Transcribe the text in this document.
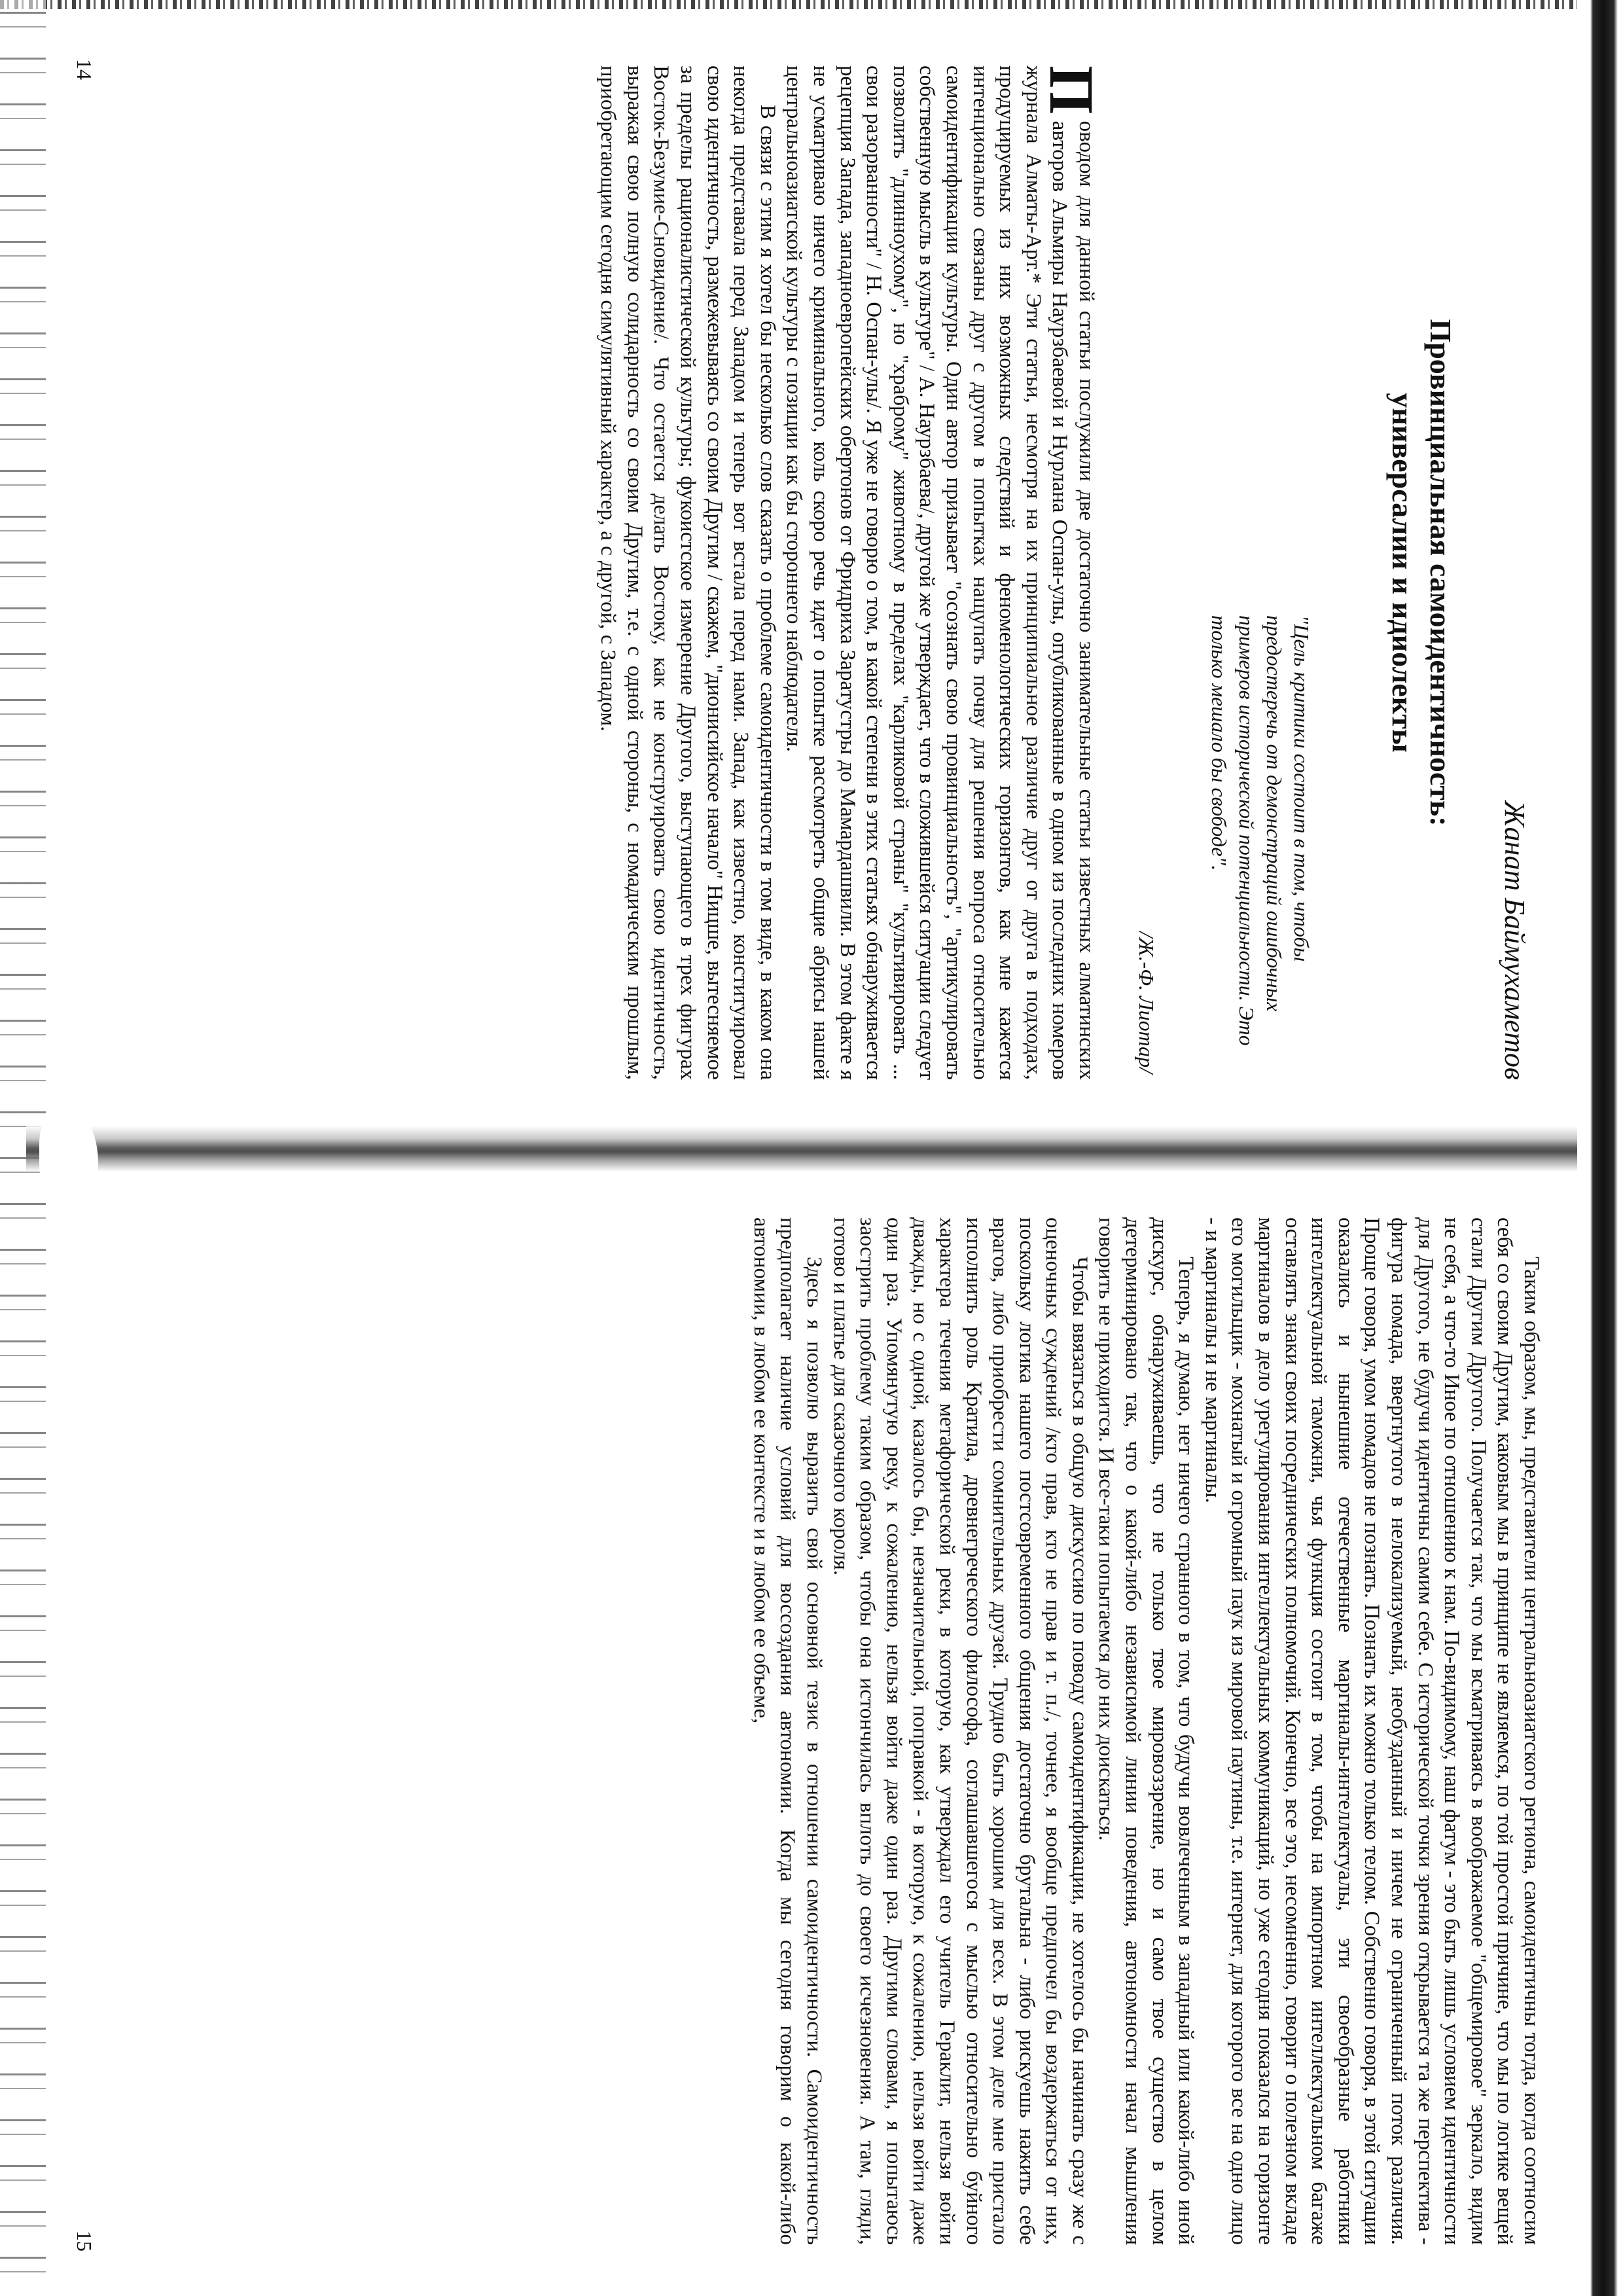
Жанат Баймухаметов
Провинциальная самоидентичность:
универсалии и идиолекты
"Цель критики состоит в том, чтобы предостеречь от демонстраций ошибочных примеров исторической потенциальности. Это только мешало бы свободе".
/Ж.-Ф. Лиотар/

П
оводом для данной статьи послужили две достаточно занимательные статьи известных алматинских авторов Альмиры Наурзбаевой и Нурлана Оспан-улы, опубликованные в одном из последних номеров журнала Алматы-Арт.* Эти статьи, несмотря на их принципиальное различие друг от друга в подходах, продуцируемых из них возможных следствий и феноменологических горизонтов, как мне кажется интенционально связаны друг с другом в попытках нащупать почву для решения вопроса относительно самоидентификации культуры. Один автор призывает "осознать свою провинциальность", "артикулировать собственную мысль в культуре" / А. Наурзбаева/, другой же утверждает, что в сложившейся ситуации следует позволить "длинноухому", но "храброму" животному в пределах "карликовой страны" "культивировать ... свои разорванности" / Н. Оспан-улы/. Я уже не говорю о том, в какой степени в этих статьях обнаруживается рецепция Запада, западноевропейских обертонов от Фридриха Заратустры до Мамардашвили. В этом факте я не усматриваю ничего криминального, коль скоро речь идет о попытке рассмотреть общие абрисы нашей центральноазиатской культуры с позиции как бы стороннего наблюдателя.

В связи с этим я хотел бы несколько слов сказать о проблеме самоидентичности в том виде, в каком она некогда представала перед Западом и теперь вот встала перед нами. Запад, как известно, конституировал свою идентичность, размежевываясь со своим Другим / скажем, "дионисийское начало" Ницше, вытесняемое за пределы рационалистической культуры; фукоистское измерение Другого, выступающего в трех фигурах Восток-Безумие-Сновидение/. Что остается делать Востоку, как не конструировать свою идентичность, выражая свою полную солидарность со своим Другим, т.е. с одной стороны, с номадическим прошлым, приобретающим сегодня симулятивный характер, а с другой, с Западом.

14

Таким образом, мы, представители центральноазиатского региона, самоидентичны тогда, когда соотносим себя со своим Другим, каковым мы в принципе не являемся, по той простой причине, что мы по логике вещей стали Другим Другого. Получается так, что мы всматриваясь в воображаемое "общемировое" зеркало, видим не себя, а что-то Иное по отношению к нам. По-видимому, наш фатум - это быть лишь условием идентичности для Другого, не будучи идентичны самим себе. С исторической точки зрения открывается та же перспектива - фигура номада, ввергнутого в нелокализуемый, необузданный и ничем не ограниченный поток различия. Проще говоря, умом номадов не познать. Познать их можно только телом. Собственно говоря, в этой ситуации оказались и нынешние отечественные маргиналы-интеллектуалы, эти своеобразные работники интеллектуальной таможни, чья функция состоит в том, чтобы на импортном интеллектуальном багаже оставлять знаки своих посреднических полномочий. Конечно, все это, несомненно, говорит о полезном вкладе маргиналов в дело урегулирования интеллектуальных коммуникаций, но уже сегодня показался на горизонте его могильщик - мохнатый и огромный паук из мировой паутины, т.е. интернет, для которого все на одно лицо - и маргиналы и не маргиналы.

Теперь, я думаю, нет ничего странного в том, что будучи вовлеченным в западный или какой-либо иной дискурс, обнаруживаешь, что не только твое мировоззрение, но и само твое существо в целом детерминировано так, что о какой-либо независимой линии поведения, автономности начал мышления говорить не приходится. И все-таки попытаемся до них доискаться.

Чтобы ввязаться в общую дискуссию по поводу самоидентификации, не хотелось бы начинать сразу же с оценочных суждений /кто прав, кто не прав и т. п./, точнее, я вообще предпочел бы воздержаться от них, поскольку логика нашего постсовременного общения достаточно брутальна - либо рискуешь нажить себе врагов, либо приобрести сомнительных друзей. Трудно быть хорошим для всех. В этом деле мне пристало исполнить роль Кратила, древнегреческого философа, соглашавшегося с мыслью относительно буйного характера течения метафорической реки, в которую, как утверждал его учитель Гераклит, нельзя войти дважды, но с одной, казалось бы, незначительной, поправкой - в которую, к сожалению, нельзя войти даже один раз. Упомянутую реку, к сожалению, нельзя войти даже один раз. Другими словами, я попытаюсь заострить проблему таким образом, чтобы она истончилась вплоть до своего исчезновения. А там, гляди, готово и платье для сказочного короля.

Здесь я позволю выразить свой основной тезис в отношении самоидентичности. Самоидентичность предполагает наличие условий для воссоздания автономии. Когда мы сегодня говорим о какой-либо автономии, в любом ее контексте и в любом ее объеме,

15
